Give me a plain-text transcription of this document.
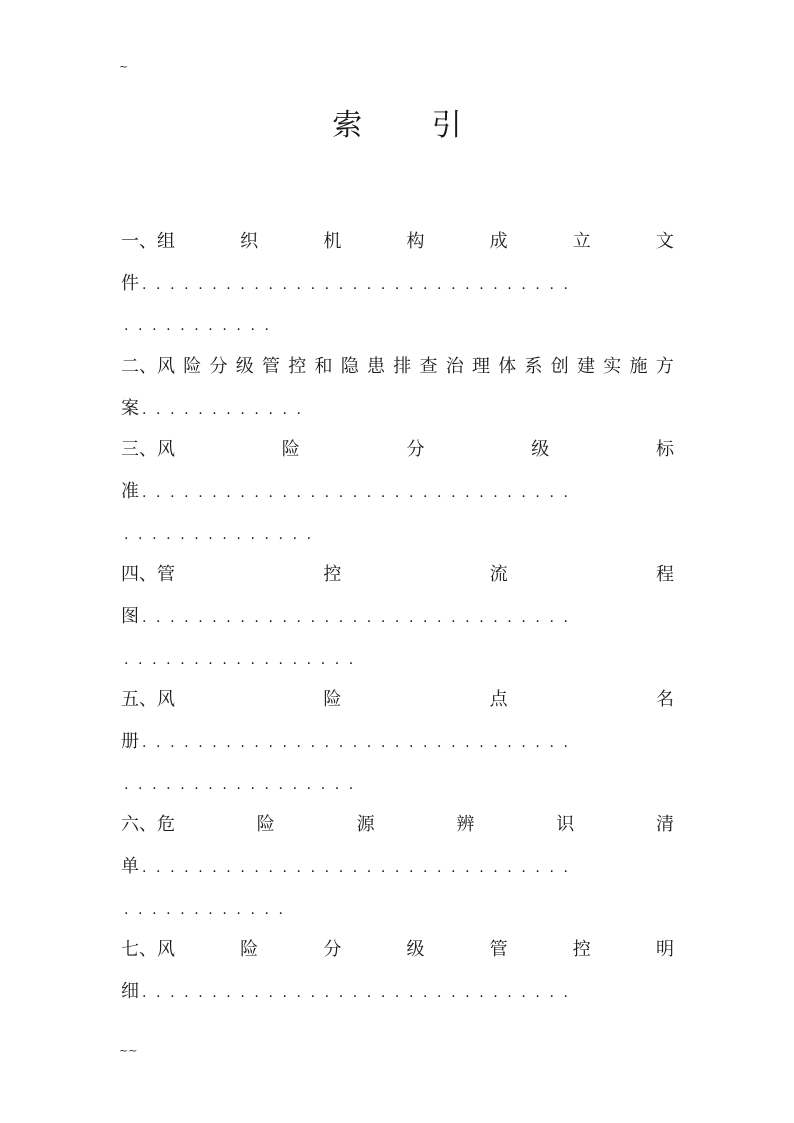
~
索 引
一、组	织	机	构	成	立	文
件 ...............................
...........
二、风 险 分 级 管 控 和 隐 患 排 查 治 理 体 系 创 建 实 施 方
案 ............
三、风	险	分	级	标
准 ...............................
..............
四、管	控	流	程
图 ...............................
.................
五、风	险	点	名
册 ...............................
.................
六、危	险	源	辨	识	清
单 ...............................
............
七、风	险	分	级	管	控	明
细 ...............................
~~
